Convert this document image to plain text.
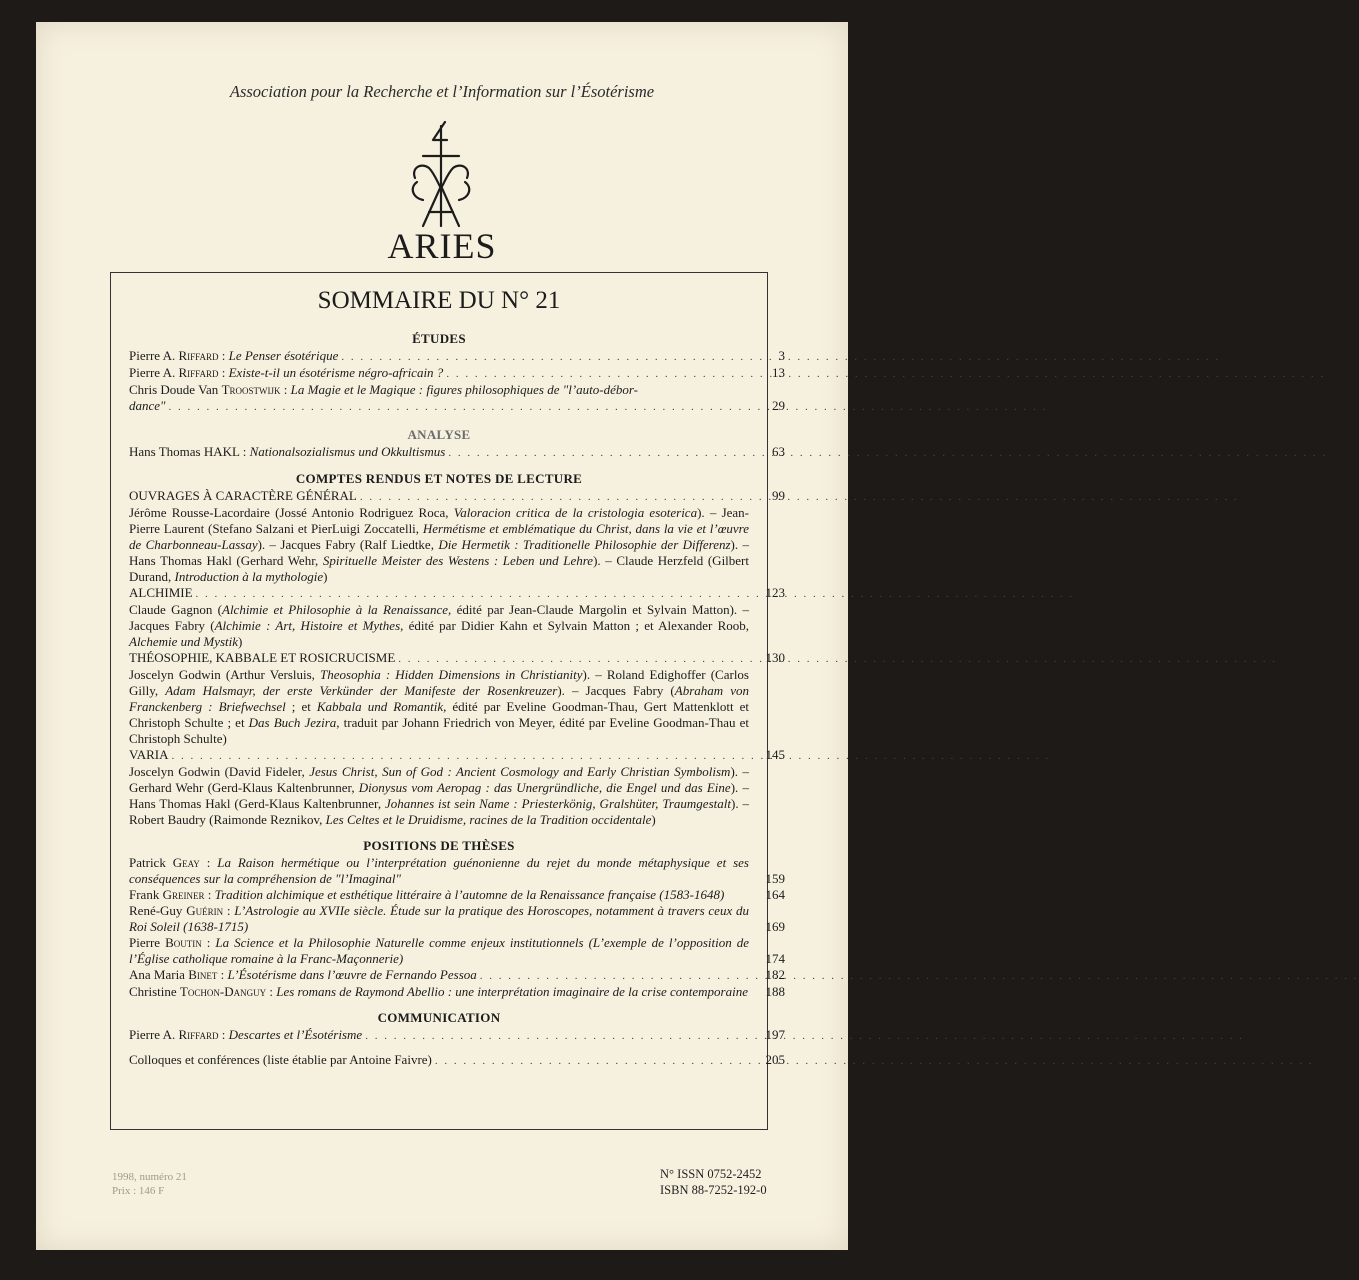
Association pour la Recherche et l’Information sur l’Ésotérisme
ARIES
SOMMAIRE DU N° 21
ÉTUDES
Pierre A. Riffard : Le Penser ésotérique . . .	3
Pierre A. Riffard : Existe-t-il un ésotérisme négro-africain ? . . .	13
Chris Doude Van Troostwijk : La Magie et le Magique : figures philosophiques de "l’auto-débor-
dance" . . .	29
ANALYSE
Hans Thomas HAKL : Nationalsozialismus und Okkultismus . . .	63
COMPTES RENDUS ET NOTES DE LECTURE
OUVRAGES À CARACTÈRE GÉNÉRAL . . .	99
Jérôme Rousse-Lacordaire (Jossé Antonio Rodriguez Roca, Valoracion critica de la cristologia esoterica). – Jean-Pierre Laurent (Stefano Salzani et PierLuigi Zoccatelli, Hermétisme et emblématique du Christ, dans la vie et l’œuvre de Charbonneau-Lassay). – Jacques Fabry (Ralf Liedtke, Die Hermetik : Traditionelle Philosophie der Differenz). – Hans Thomas Hakl (Gerhard Wehr, Spirituelle Meister des Westens : Leben und Lehre). – Claude Herzfeld (Gilbert Durand, Introduction à la mythologie)
ALCHIMIE . . .	123
Claude Gagnon (Alchimie et Philosophie à la Renaissance, édité par Jean-Claude Margolin et Sylvain Matton). – Jacques Fabry (Alchimie : Art, Histoire et Mythes, édité par Didier Kahn et Sylvain Matton ; et Alexander Roob, Alchemie und Mystik)
THÉOSOPHIE, KABBALE ET ROSICRUCISME . . .	130
Joscelyn Godwin (Arthur Versluis, Theosophia : Hidden Dimensions in Christianity). – Roland Edighoffer (Carlos Gilly, Adam Halsmayr, der erste Verkünder der Manifeste der Rosenkreuzer). – Jacques Fabry (Abraham von Franckenberg : Briefwechsel ; et Kabbala und Romantik, édité par Eveline Goodman-Thau, Gert Mattenklott et Christoph Schulte ; et Das Buch Jezira, traduit par Johann Friedrich von Meyer, édité par Eveline Goodman-Thau et Christoph Schulte)
VARIA . . .	145
Joscelyn Godwin (David Fideler, Jesus Christ, Sun of God : Ancient Cosmology and Early Christian Symbolism). – Gerhard Wehr (Gerd-Klaus Kaltenbrunner, Dionysus vom Aeropag : das Unergründliche, die Engel und das Eine). – Hans Thomas Hakl (Gerd-Klaus Kaltenbrunner, Johannes ist sein Name : Priesterkönig, Gralshüter, Traumgestalt). – Robert Baudry (Raimonde Reznikov, Les Celtes et le Druidisme, racines de la Tradition occidentale)
POSITIONS DE THÈSES
Patrick Geay : La Raison hermétique ou l’interprétation guénonienne du rejet du monde métaphysique et ses conséquences sur la compréhension de "l’Imaginal"	159
Frank Greiner : Tradition alchimique et esthétique littéraire à l’automne de la Renaissance française (1583-1648)	164
René-Guy Guérin : L’Astrologie au XVIIe siècle. Étude sur la pratique des Horoscopes, notamment à travers ceux du Roi Soleil (1638-1715)	169
Pierre Boutin : La Science et la Philosophie Naturelle comme enjeux institutionnels (L’exemple de l’opposition de l’Église catholique romaine à la Franc-Maçonnerie)	174
Ana Maria Binet : L’Ésotérisme dans l’œuvre de Fernando Pessoa . . .	182
Christine Tochon-Danguy : Les romans de Raymond Abellio : une interprétation imaginaire de la crise contemporaine	188
COMMUNICATION
Pierre A. Riffard : Descartes et l’Ésotérisme . . .	197
Colloques et conférences (liste établie par Antoine Faivre) . . .	205
1998, numéro 21
Prix : 146 F
N° ISSN 0752-2452
ISBN 88-7252-192-0
